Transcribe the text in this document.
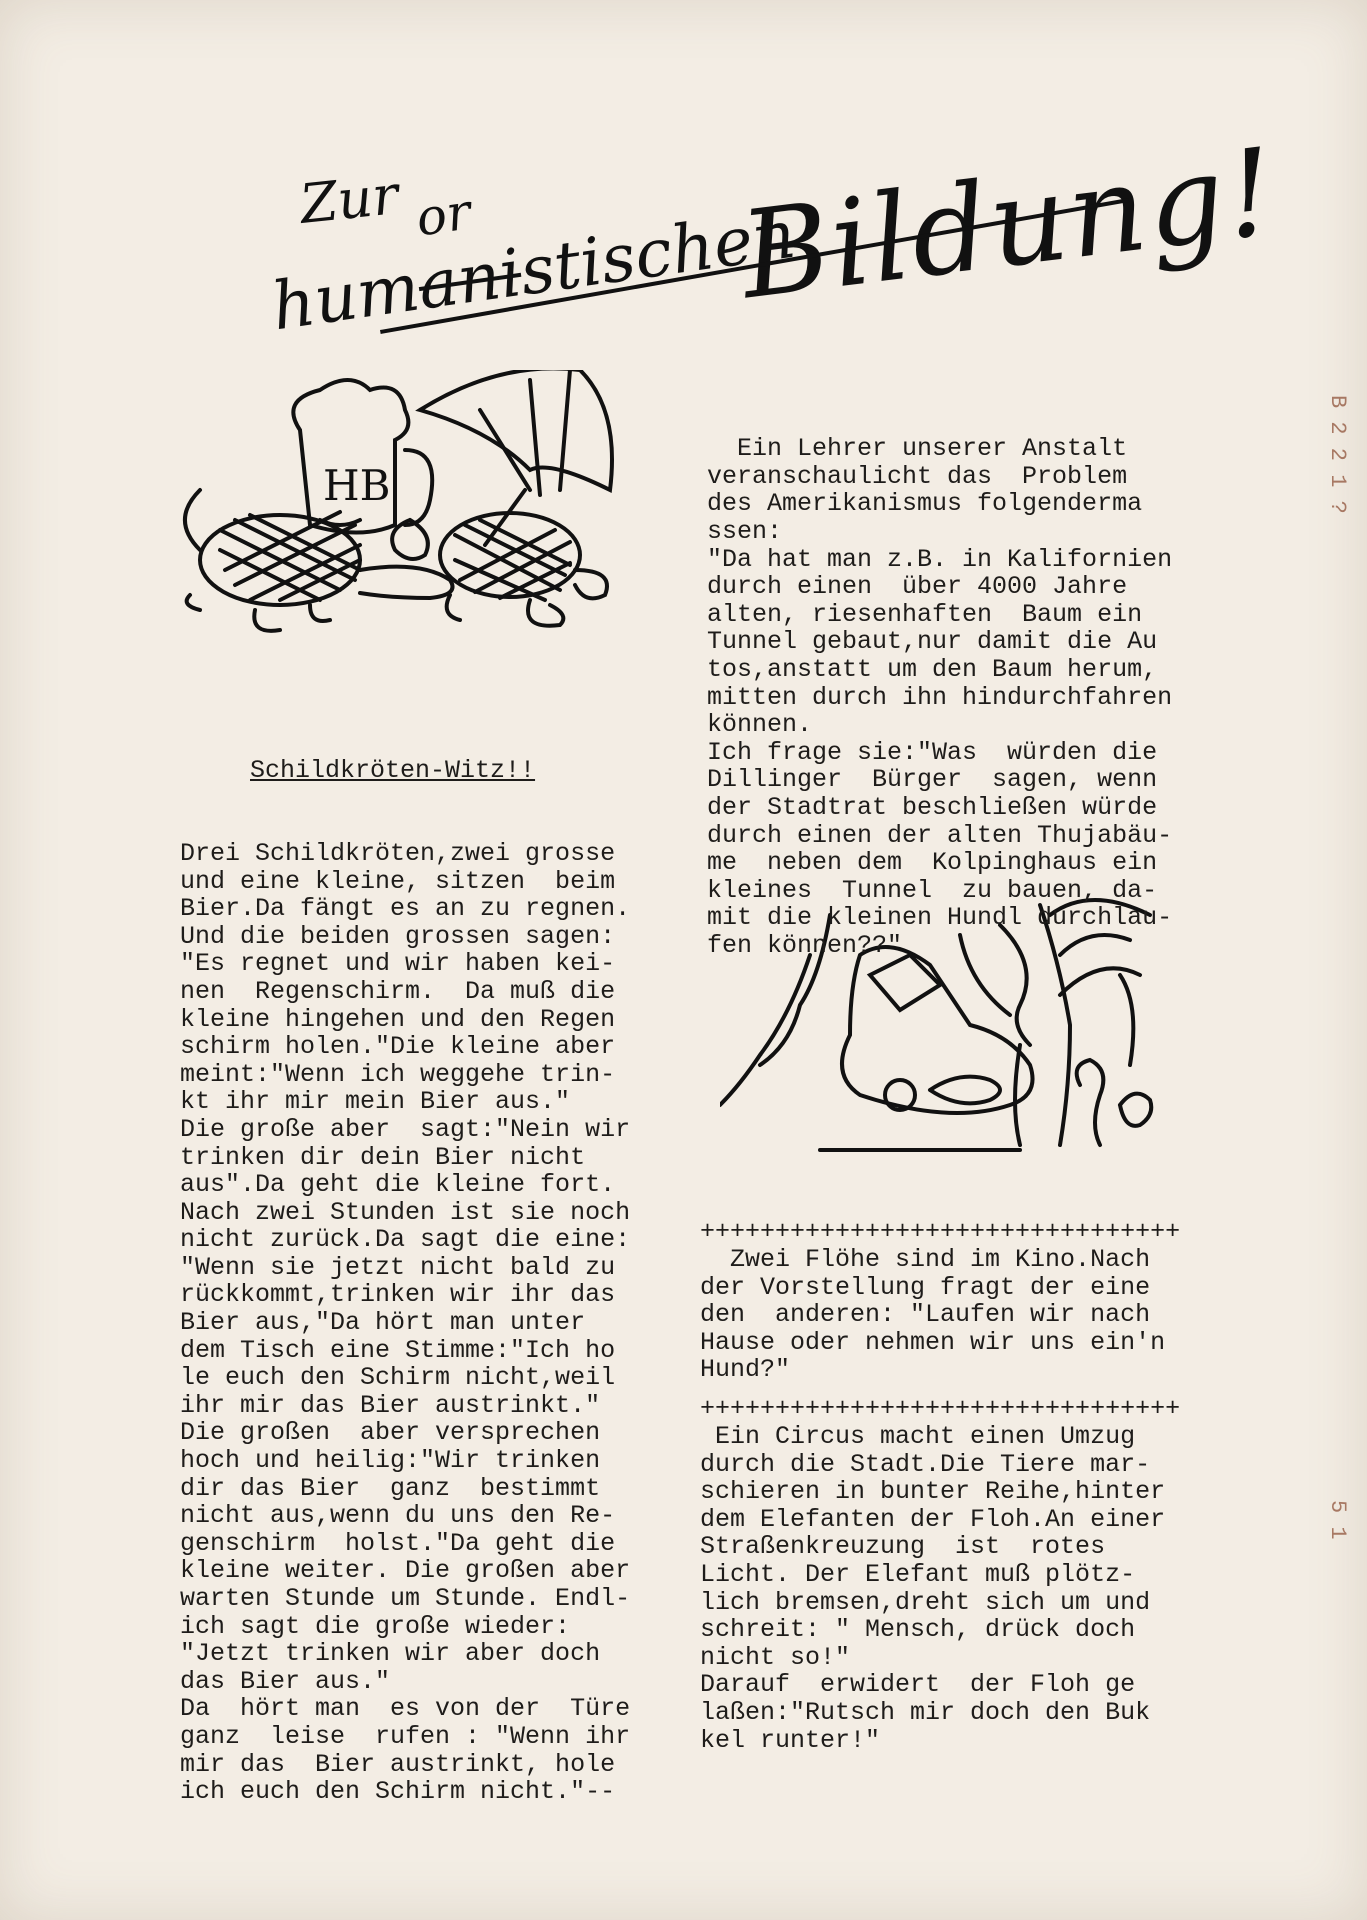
Zur
humanistischen
or Bildung!
HB

Schildkröten-Witz!!

Drei Schildkröten,zwei grosse
und eine kleine, sitzen  beim
Bier.Da fängt es an zu regnen.
Und die beiden grossen sagen:
"Es regnet und wir haben kei-
nen  Regenschirm.  Da muß die
kleine hingehen und den Regen
schirm holen."Die kleine aber
meint:"Wenn ich weggehe trin-
kt ihr mir mein Bier aus."
Die große aber  sagt:"Nein wir
trinken dir dein Bier nicht
aus".Da geht die kleine fort.
Nach zwei Stunden ist sie noch
nicht zurück.Da sagt die eine:
"Wenn sie jetzt nicht bald zu
rückkommt,trinken wir ihr das
Bier aus,"Da hört man unter
dem Tisch eine Stimme:"Ich ho
le euch den Schirm nicht,weil
ihr mir das Bier austrinkt."
Die großen  aber versprechen
hoch und heilig:"Wir trinken
dir das Bier  ganz  bestimmt
nicht aus,wenn du uns den Re-
genschirm  holst."Da geht die
kleine weiter. Die großen aber
warten Stunde um Stunde. Endl-
ich sagt die große wieder:
"Jetzt trinken wir aber doch
das Bier aus."
Da  hört man  es von der  Türe
ganz  leise  rufen : "Wenn ihr
mir das  Bier austrinkt, hole
ich euch den Schirm nicht."--

Ein Lehrer unserer Anstalt
veranschaulicht das  Problem
des Amerikanismus folgenderma
ssen:
"Da hat man z.B. in Kalifornien
durch einen  über 4000 Jahre
alten, riesenhaften  Baum ein
Tunnel gebaut,nur damit die Au
tos,anstatt um den Baum herum,
mitten durch ihn hindurchfahren
können.
Ich frage sie:"Was  würden die
Dillinger  Bürger  sagen, wenn
der Stadtrat beschließen würde
durch einen der alten Thujabäu-
me  neben dem  Kolpinghaus ein
kleines  Tunnel  zu bauen, da-
mit die kleinen Hundl durchlau-
fen können??"

++++++++++++++++++++++++++++++++
Zwei Flöhe sind im Kino.Nach
der Vorstellung fragt der eine
den  anderen: "Laufen wir nach
Hause oder nehmen wir uns ein'n
Hund?"
++++++++++++++++++++++++++++++++
Ein Circus macht einen Umzug
durch die Stadt.Die Tiere mar-
schieren in bunter Reihe,hinter
dem Elefanten der Floh.An einer
Straßenkreuzung  ist  rotes
Licht. Der Elefant muß plötz-
lich bremsen,dreht sich um und
schreit: " Mensch, drück doch
nicht so!"
Darauf  erwidert  der Floh ge
laßen:"Rutsch mir doch den Buk
kel runter!"
B 2 2 1 ?
5 1
